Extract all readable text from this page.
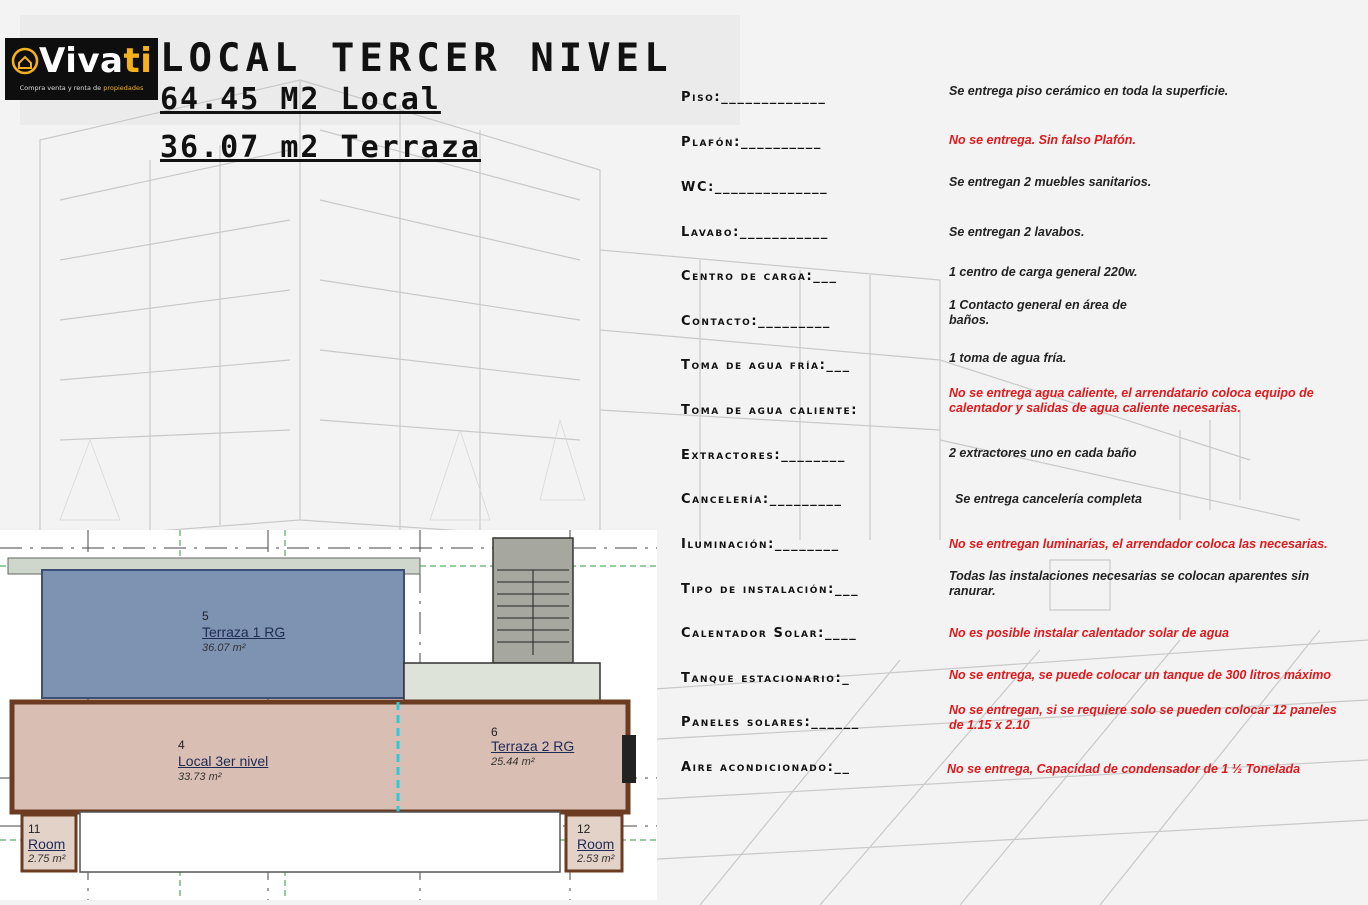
Vivati
Compra venta y renta de propiedades
LOCAL TERCER NIVEL
64.45 M2 Local
36.07 m2 Terraza
Piso:_____________	Se entrega piso cerámico en toda la superficie.
Plafón:__________	No se entrega. Sin falso Plafón.
WC:______________	Se entregan 2 muebles sanitarios.
Lavabo:___________	Se entregan 2 lavabos.
Centro de carga:___	1 centro de carga general 220w.
Contacto:_________
1 Contacto general en área de baños.
Toma de agua fría:___	1 toma de agua fría.
Toma de agua caliente:
No se entrega agua caliente, el arrendatario coloca equipo de calentador y salidas de agua caliente necesarias.
Extractores:________	2 extractores uno en cada baño
Cancelería:_________	Se entrega cancelería completa
Iluminación:________	No se entregan luminarias, el arrendador coloca las necesarias.
Tipo de instalación:___
Todas las instalaciones necesarias se colocan aparentes sin ranurar.
Calentador Solar:____	No es posible instalar calentador solar de agua
Tanque estacionario:_	No se entrega, se puede colocar un tanque de 300 litros máximo
Paneles solares:______
No se entregan, si se requiere solo se pueden colocar 12 paneles de 1.15 x 2.10
Aire acondicionado:__	No se entrega, Capacidad de condensador de 1 ½ Tonelada
5
Terraza 1 RG
36.07 m²
4
Local 3er nivel
33.73 m²
6
Terraza 2 RG
25.44 m²
11
Room
2.75 m²
12
Room
2.53 m²
